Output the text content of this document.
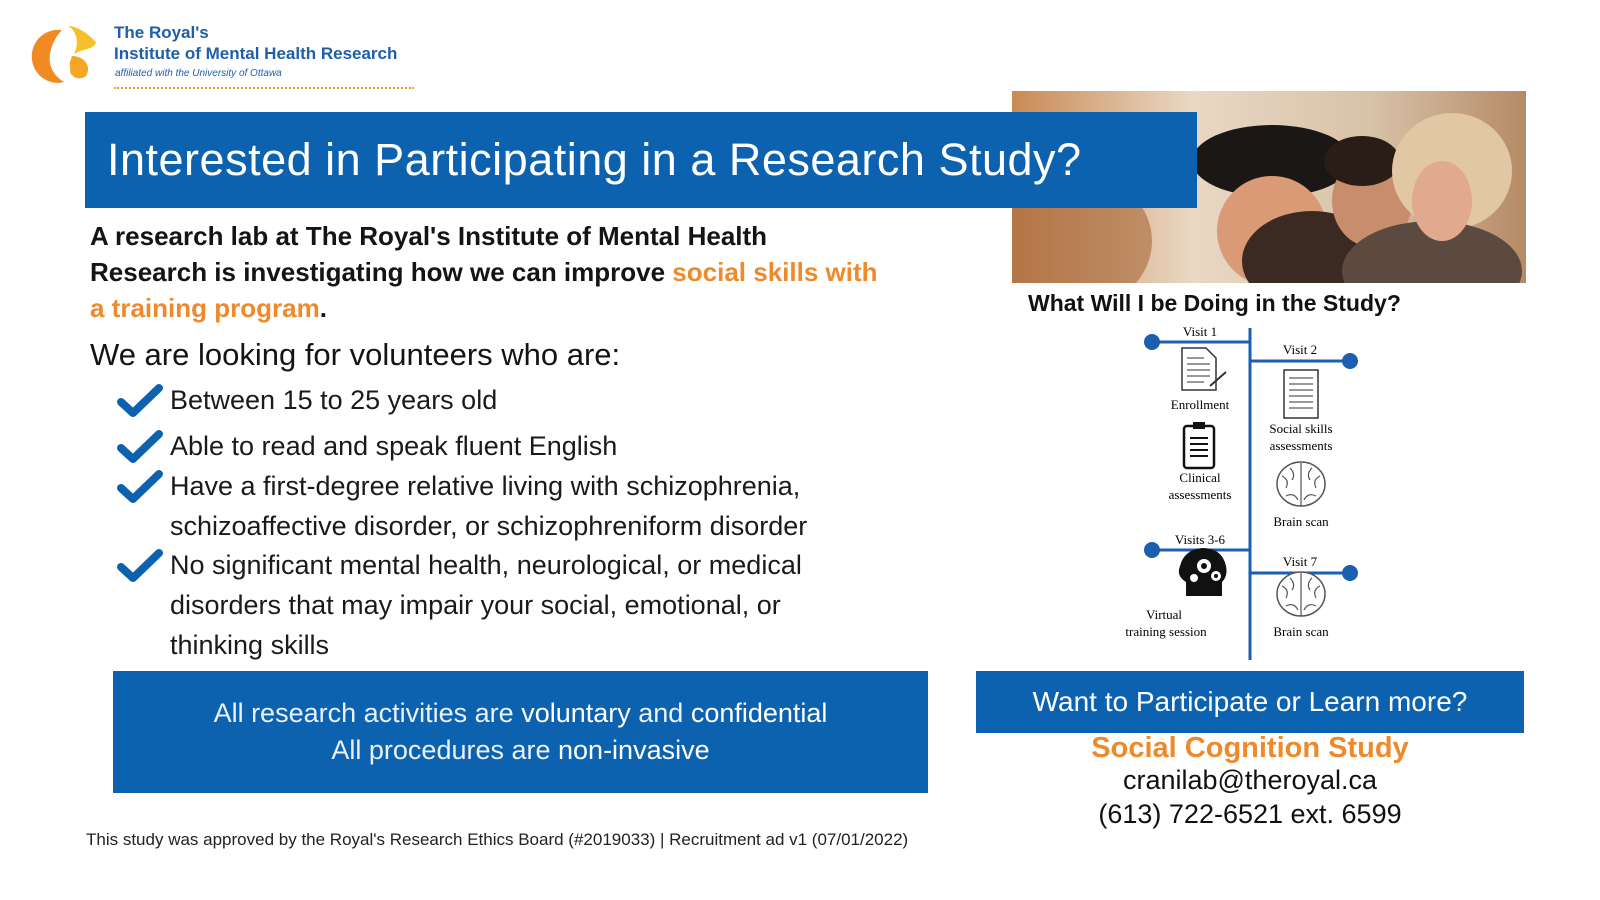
The Royal's
Institute of Mental Health Research
affiliated with the University of Ottawa
Interested in Participating in a Research Study?
A research lab at The Royal's Institute of Mental Health Research is investigating how we can improve social skills with a training program.
We are looking for volunteers who are:
Between 15 to 25 years old
Able to read and speak fluent English
Have a first-degree relative living with schizophrenia,
schizoaffective disorder, or schizophreniform disorder
No significant mental health, neurological, or medical
disorders that may impair your social, emotional, or
thinking skills
All research activities are voluntary and confidential
All procedures are non-invasive
This study was approved by the Royal's Research Ethics Board (#2019033) | Recruitment ad v1 (07/01/2022)
What Will I be Doing in the Study?
Visit 1
Visit 2
Visits 3-6
Visit 7
Enrollment
Clinical
assessments
Social skills
assessments
Brain scan
Virtual
training session	Brain scan
Want to Participate or Learn more?
Social Cognition Study
cranilab@theroyal.ca
(613) 722-6521 ext. 6599
